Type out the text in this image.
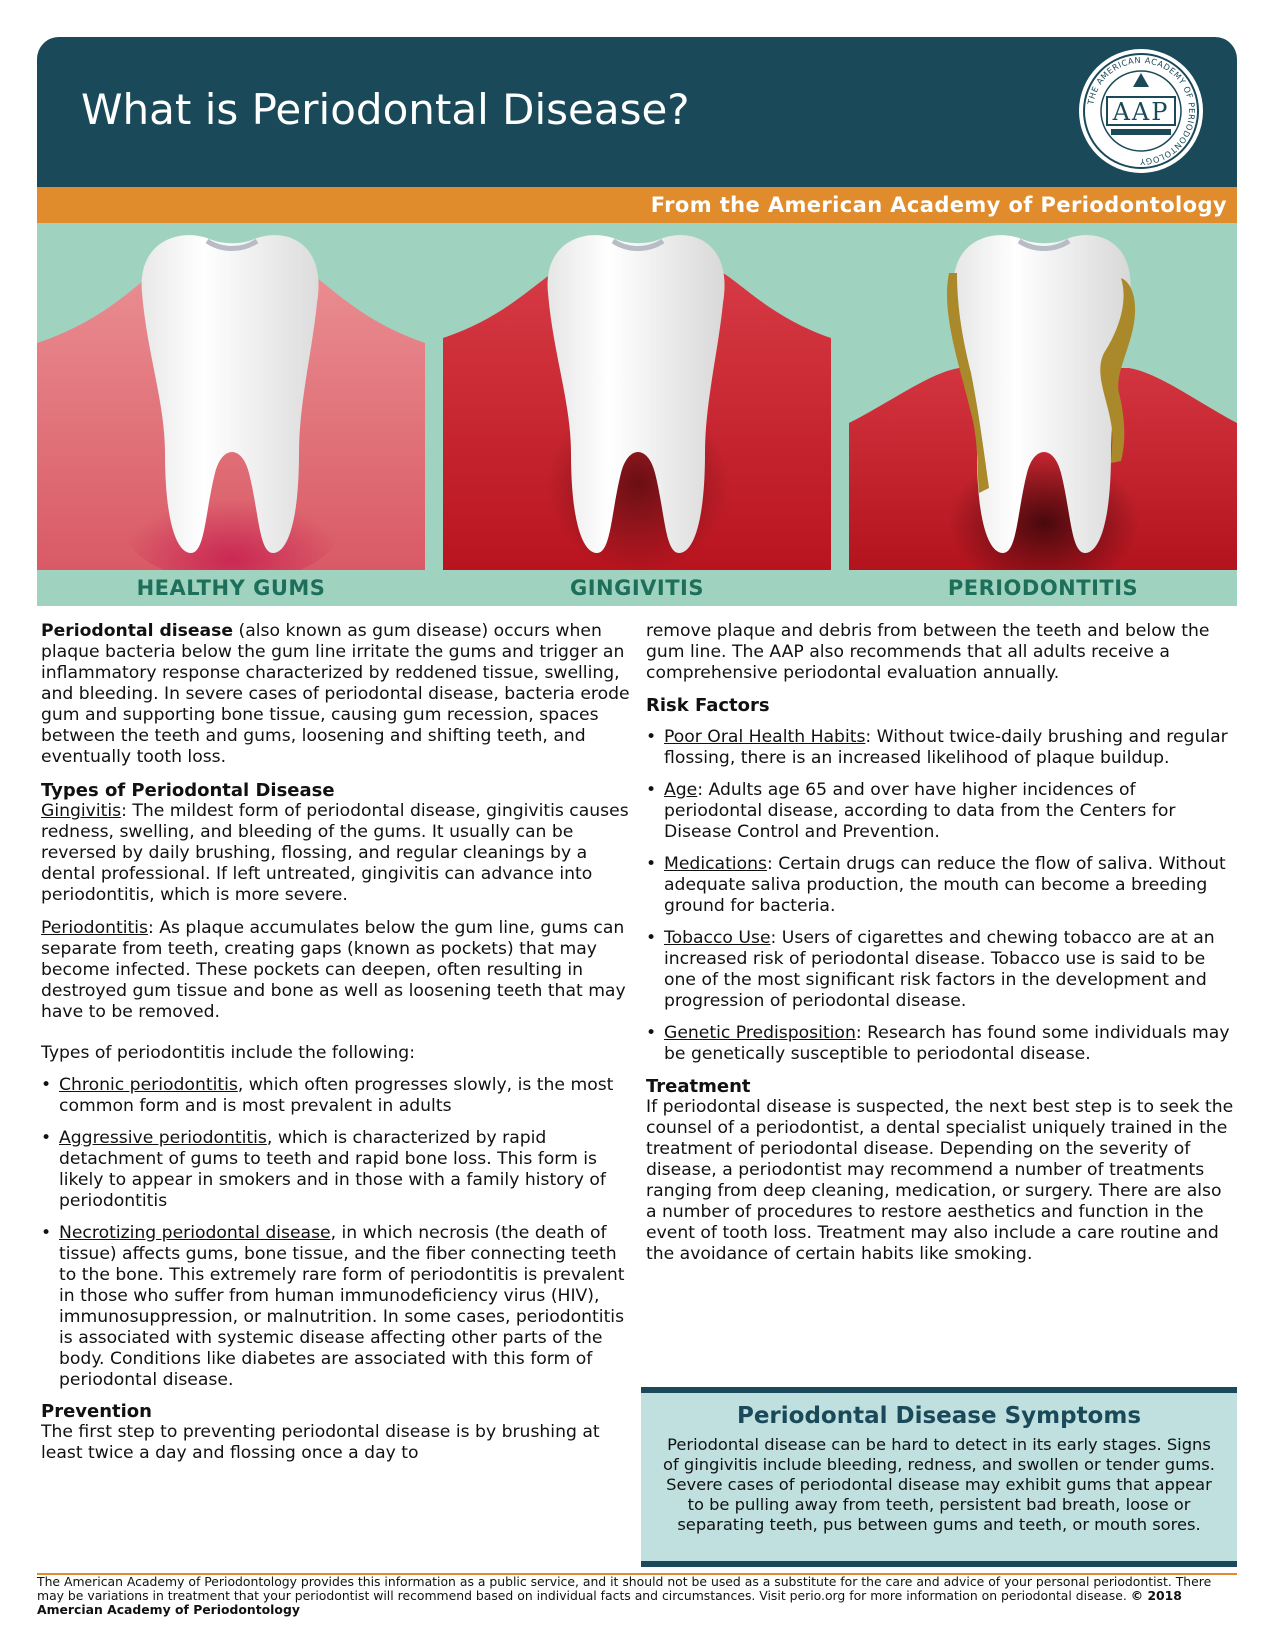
What is Periodontal Disease?	THE AMERICAN ACADEMY OF PERIODONTOLOGY
AAP
From the American Academy of Periodontology
HEALTHY GUMS	GINGIVITIS	PERIODONTITIS

Periodontal disease (also known as gum disease) occurs when plaque bacteria below the gum line irritate the gums and trigger an inflammatory response characterized by reddened tissue, swelling, and bleeding. In severe cases of periodontal disease, bacteria erode gum and supporting bone tissue, causing gum recession, spaces between the teeth and gums, loosening and shifting teeth, and eventually tooth loss.

Types of Periodontal Disease

Gingivitis: The mildest form of periodontal disease, gingivitis causes redness, swelling, and bleeding of the gums. It usually can be reversed by daily brushing, flossing, and regular cleanings by a dental professional. If left untreated, gingivitis can advance into periodontitis, which is more severe.

Periodontitis: As plaque accumulates below the gum line, gums can separate from teeth, creating gaps (known as pockets) that may become infected. These pockets can deepen, often resulting in destroyed gum tissue and bone as well as loosening teeth that may have to be removed.

Types of periodontitis include the following:

• Chronic periodontitis, which often progresses slowly, is the most common form and is most prevalent in adults
• Aggressive periodontitis, which is characterized by rapid detachment of gums to teeth and rapid bone loss. This form is likely to appear in smokers and in those with a family history of periodontitis
• Necrotizing periodontal disease, in which necrosis (the death of tissue) affects gums, bone tissue, and the fiber connecting teeth to the bone. This extremely rare form of periodontitis is prevalent in those who suffer from human immunodeficiency virus (HIV), immunosuppression, or malnutrition. In some cases, periodontitis is associated with systemic disease affecting other parts of the body. Conditions like diabetes are associated with this form of periodontal disease.

Prevention

The first step to preventing periodontal disease is by brushing at least twice a day and flossing once a day to

remove plaque and debris from between the teeth and below the gum line. The AAP also recommends that all adults receive a comprehensive periodontal evaluation annually.

Risk Factors

• Poor Oral Health Habits: Without twice-daily brushing and regular flossing, there is an increased likelihood of plaque buildup.
• Age: Adults age 65 and over have higher incidences of periodontal disease, according to data from the Centers for Disease Control and Prevention.
• Medications: Certain drugs can reduce the flow of saliva. Without adequate saliva production, the mouth can become a breeding ground for bacteria.
• Tobacco Use: Users of cigarettes and chewing tobacco are at an increased risk of periodontal disease. Tobacco use is said to be one of the most significant risk factors in the development and progression of periodontal disease.
• Genetic Predisposition: Research has found some individuals may be genetically susceptible to periodontal disease.

Treatment

If periodontal disease is suspected, the next best step is to seek the counsel of a periodontist, a dental specialist uniquely trained in the treatment of periodontal disease. Depending on the severity of disease, a periodontist may recommend a number of treatments ranging from deep cleaning, medication, or surgery. There are also a number of procedures to restore aesthetics and function in the event of tooth loss. Treatment may also include a care routine and the avoidance of certain habits like smoking.

Periodontal Disease Symptoms

Periodontal disease can be hard to detect in its early stages. Signs of gingivitis include bleeding, redness, and swollen or tender gums. Severe cases of periodontal disease may exhibit gums that appear to be pulling away from teeth, persistent bad breath, loose or separating teeth, pus between gums and teeth, or mouth sores.

The American Academy of Periodontology provides this information as a public service, and it should not be used as a substitute for the care and advice of your personal periodontist. There may be variations in treatment that your periodontist will recommend based on individual facts and circumstances. Visit perio.org for more information on periodontal disease. © 2018 Amercian Academy of Periodontology
